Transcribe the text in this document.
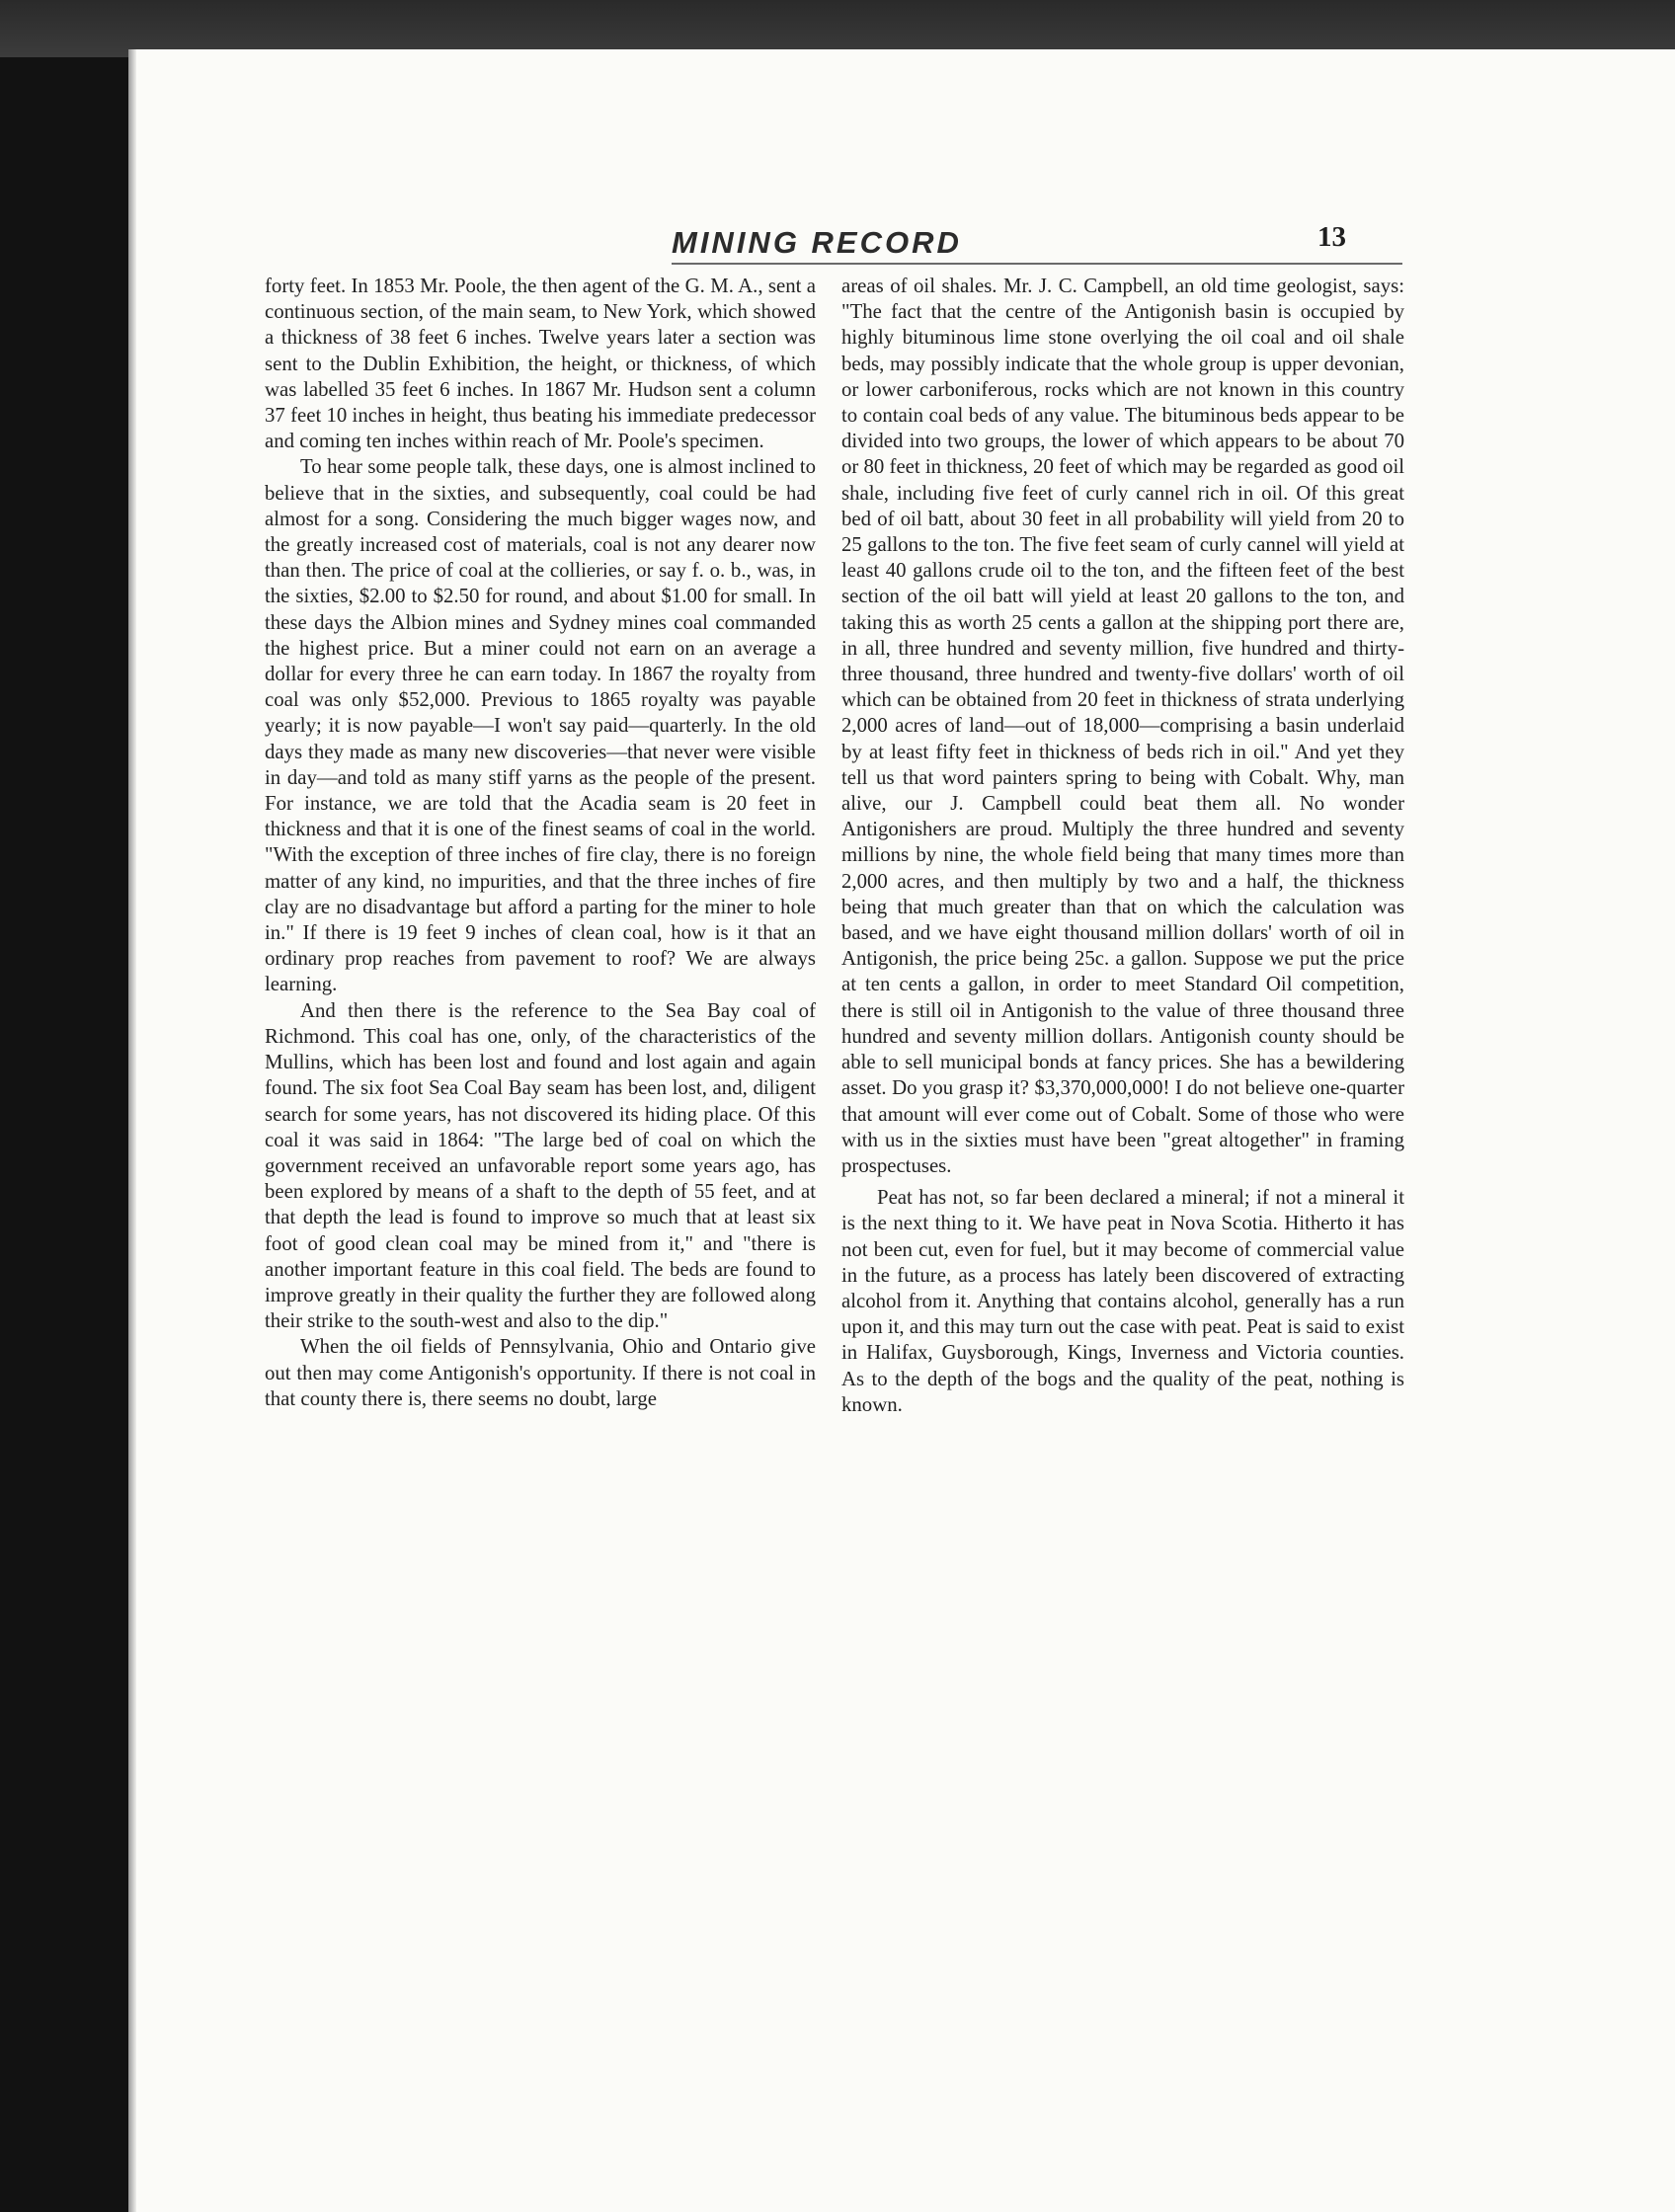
MINING RECORD	13

forty feet. In 1853 Mr. Poole, the then agent of the G. M. A., sent a continuous section, of the main seam, to New York, which showed a thickness of 38 feet 6 inches. Twelve years later a section was sent to the Dublin Exhibition, the height, or thickness, of which was labelled 35 feet 6 inches. In 1867 Mr. Hudson sent a column 37 feet 10 inches in height, thus beating his immediate predecessor and coming ten inches within reach of Mr. Poole's specimen.

To hear some people talk, these days, one is almost inclined to believe that in the sixties, and subsequently, coal could be had almost for a song. Considering the much bigger wages now, and the greatly increased cost of materials, coal is not any dearer now than then. The price of coal at the collieries, or say f. o. b., was, in the sixties, $2.00 to $2.50 for round, and about $1.00 for small. In these days the Albion mines and Sydney mines coal commanded the highest price. But a miner could not earn on an average a dollar for every three he can earn today. In 1867 the royalty from coal was only $52,000. Previous to 1865 royalty was payable yearly; it is now payable—I won't say paid—quarterly. In the old days they made as many new discoveries—that never were visible in day—and told as many stiff yarns as the people of the present. For instance, we are told that the Acadia seam is 20 feet in thickness and that it is one of the finest seams of coal in the world. "With the exception of three inches of fire clay, there is no foreign matter of any kind, no impurities, and that the three inches of fire clay are no disadvantage but afford a parting for the miner to hole in." If there is 19 feet 9 inches of clean coal, how is it that an ordinary prop reaches from pavement to roof? We are always learning.

And then there is the reference to the Sea Bay coal of Richmond. This coal has one, only, of the characteristics of the Mullins, which has been lost and found and lost again and again found. The six foot Sea Coal Bay seam has been lost, and, diligent search for some years, has not discovered its hiding place. Of this coal it was said in 1864: "The large bed of coal on which the government received an unfavorable report some years ago, has been explored by means of a shaft to the depth of 55 feet, and at that depth the lead is found to improve so much that at least six foot of good clean coal may be mined from it," and "there is another important feature in this coal field. The beds are found to improve greatly in their quality the further they are followed along their strike to the south-west and also to the dip."

When the oil fields of Pennsylvania, Ohio and Ontario give out then may come Antigonish's opportunity. If there is not coal in that county there is, there seems no doubt, large

areas of oil shales. Mr. J. C. Campbell, an old time geologist, says: "The fact that the centre of the Antigonish basin is occupied by highly bituminous lime stone overlying the oil coal and oil shale beds, may possibly indicate that the whole group is upper devonian, or lower carboniferous, rocks which are not known in this country to contain coal beds of any value. The bituminous beds appear to be divided into two groups, the lower of which appears to be about 70 or 80 feet in thickness, 20 feet of which may be regarded as good oil shale, including five feet of curly cannel rich in oil. Of this great bed of oil batt, about 30 feet in all probability will yield from 20 to 25 gallons to the ton. The five feet seam of curly cannel will yield at least 40 gallons crude oil to the ton, and the fifteen feet of the best section of the oil batt will yield at least 20 gallons to the ton, and taking this as worth 25 cents a gallon at the shipping port there are, in all, three hundred and seventy million, five hundred and thirty-three thousand, three hundred and twenty-five dollars' worth of oil which can be obtained from 20 feet in thickness of strata underlying 2,000 acres of land—out of 18,000—comprising a basin underlaid by at least fifty feet in thickness of beds rich in oil." And yet they tell us that word painters spring to being with Cobalt. Why, man alive, our J. Campbell could beat them all. No wonder Antigonishers are proud. Multiply the three hundred and seventy millions by nine, the whole field being that many times more than 2,000 acres, and then multiply by two and a half, the thickness being that much greater than that on which the calculation was based, and we have eight thousand million dollars' worth of oil in Antigonish, the price being 25c. a gallon. Suppose we put the price at ten cents a gallon, in order to meet Standard Oil competition, there is still oil in Antigonish to the value of three thousand three hundred and seventy million dollars. Antigonish county should be able to sell municipal bonds at fancy prices. She has a bewildering asset. Do you grasp it? $3,370,000,000! I do not believe one-quarter that amount will ever come out of Cobalt. Some of those who were with us in the sixties must have been "great altogether" in framing prospectuses.

Peat has not, so far been declared a mineral; if not a mineral it is the next thing to it. We have peat in Nova Scotia. Hitherto it has not been cut, even for fuel, but it may become of commercial value in the future, as a process has lately been discovered of extracting alcohol from it. Anything that contains alcohol, generally has a run upon it, and this may turn out the case with peat. Peat is said to exist in Halifax, Guysborough, Kings, Inverness and Victoria counties. As to the depth of the bogs and the quality of the peat, nothing is known.
